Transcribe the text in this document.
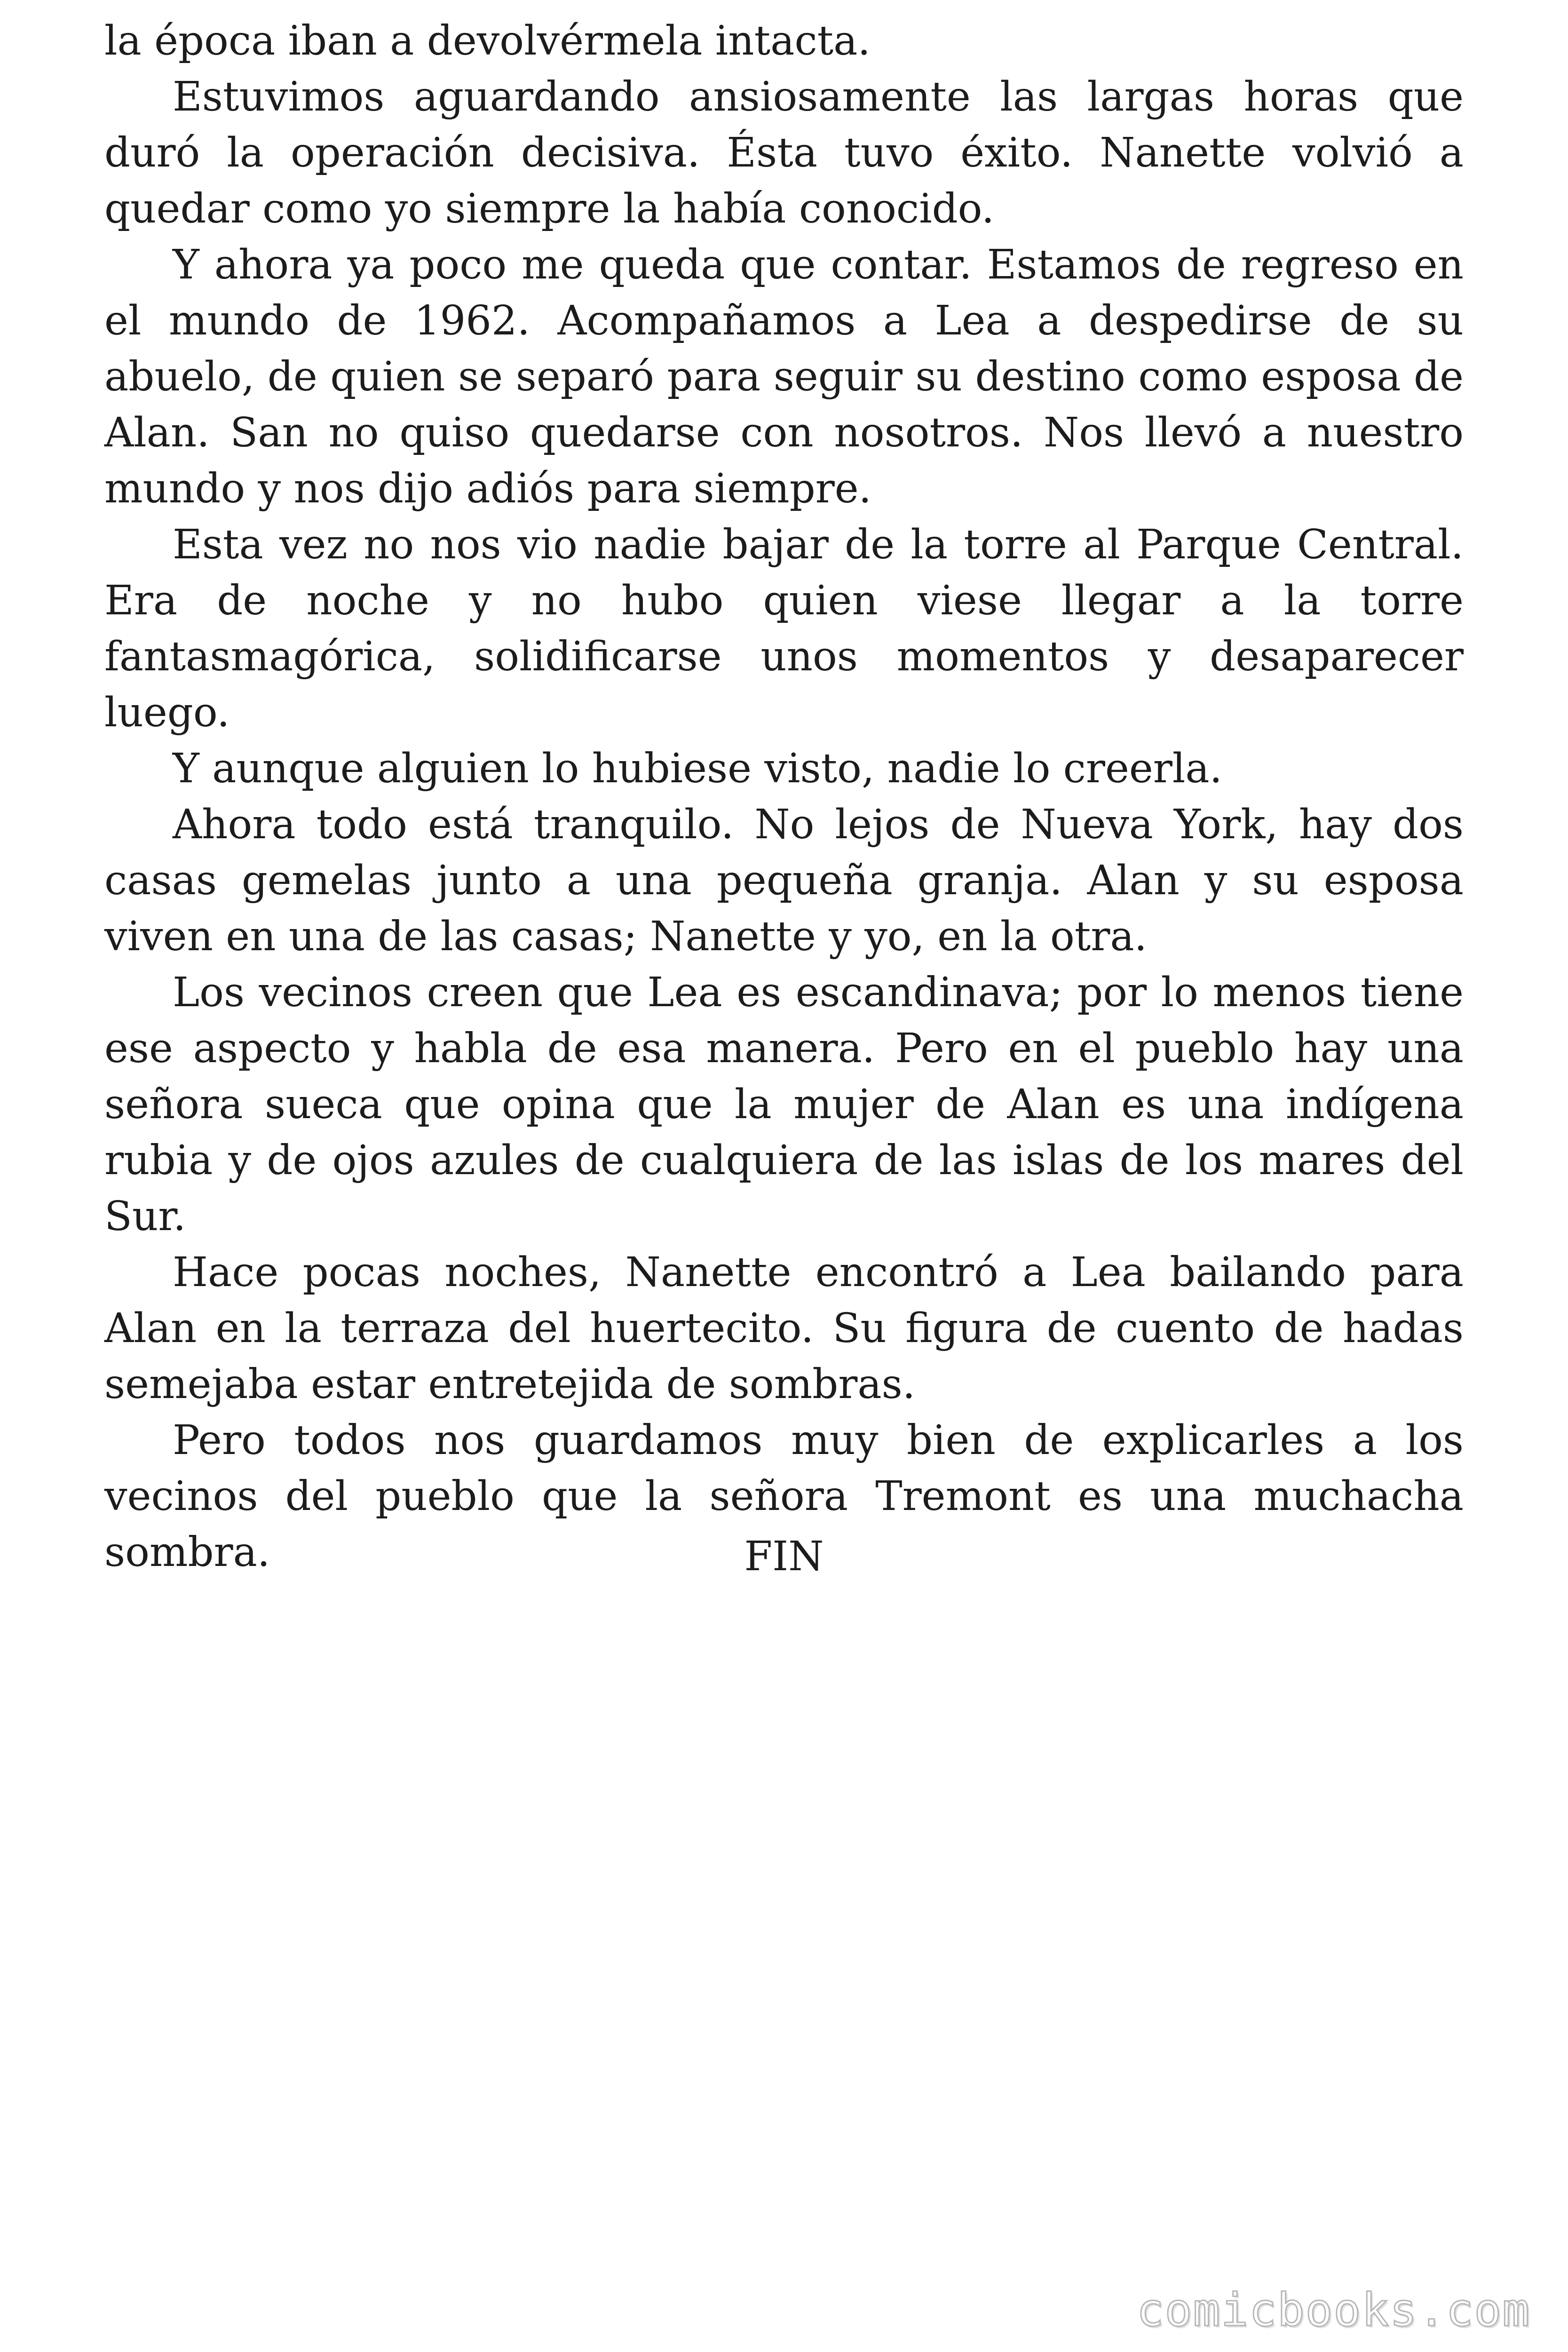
la época iban a devolvérmela intacta.

Estuvimos aguardando ansiosamente las largas horas que duró la operación decisiva. Ésta tuvo éxito. Nanette volvió a quedar como yo siempre la había conocido.

Y ahora ya poco me queda que contar. Estamos de regreso en el mundo de 1962. Acompañamos a Lea a despedirse de su abuelo, de quien se separó para seguir su destino como esposa de Alan. San no quiso quedarse con nosotros. Nos llevó a nuestro mundo y nos dijo adiós para siempre.

Esta vez no nos vio nadie bajar de la torre al Parque Central. Era de noche y no hubo quien viese llegar a la torre fantasmagórica, solidificarse unos momentos y desaparecer luego.

Y aunque alguien lo hubiese visto, nadie lo creerla.

Ahora todo está tranquilo. No lejos de Nueva York, hay dos casas gemelas junto a una pequeña granja. Alan y su esposa viven en una de las casas; Nanette y yo, en la otra.

Los vecinos creen que Lea es escandinava; por lo menos tiene ese aspecto y habla de esa manera. Pero en el pueblo hay una señora sueca que opina que la mujer de Alan es una indígena rubia y de ojos azules de cualquiera de las islas de los mares del Sur.

Hace pocas noches, Nanette encontró a Lea bailando para Alan en la terraza del huertecito. Su figura de cuento de hadas semejaba estar entretejida de sombras.

Pero todos nos guardamos muy bien de explicarles a los vecinos del pueblo que la señora Tremont es una muchacha sombra.	FIN
comicbooks.com
